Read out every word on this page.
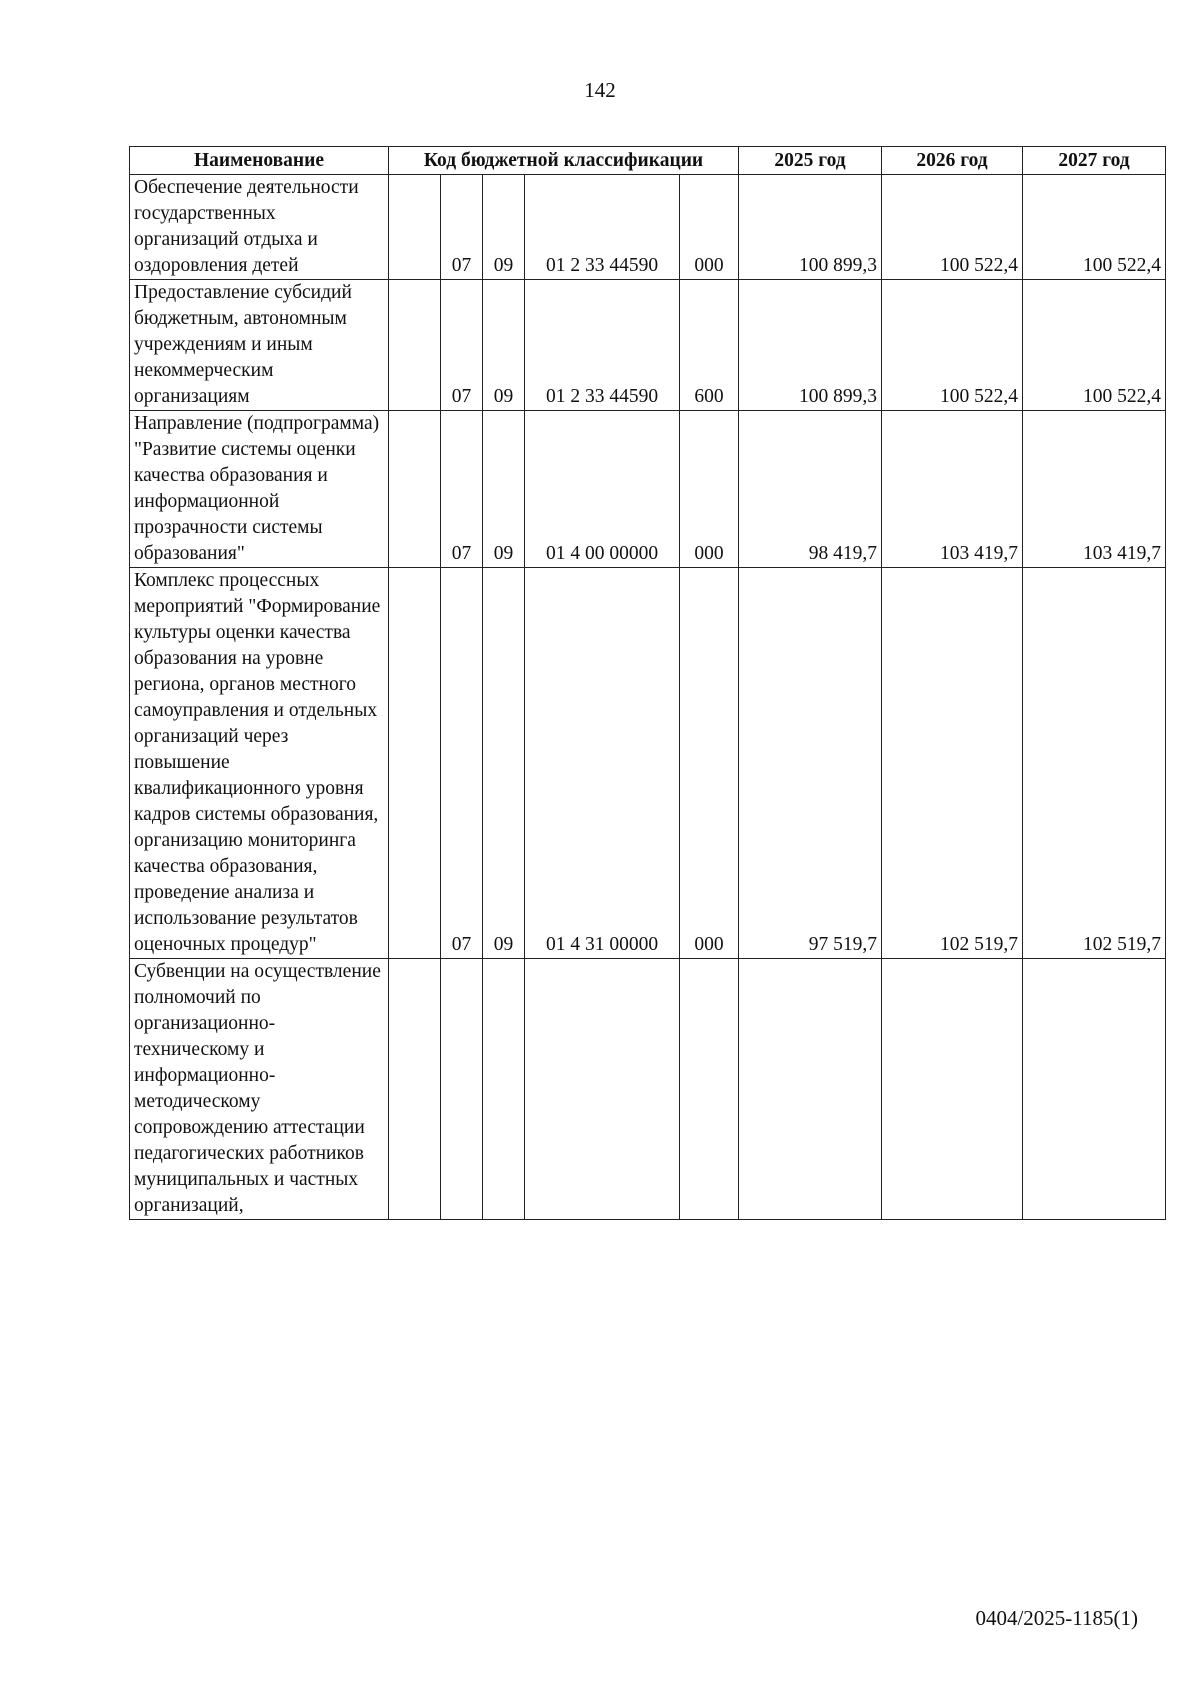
142
Наименование	Код бюджетной классификации					2025 год	2026 год	2027 год
Обеспечение деятельности государственных организаций отдыха и оздоровления детей		07	09	01 2 33 44590	000	100 899,3	100 522,4	100 522,4
Предоставление субсидий бюджетным, автономным учреждениям и иным некоммерческим организациям		07	09	01 2 33 44590	600	100 899,3	100 522,4	100 522,4
Направление (подпрограмма) "Развитие системы оценки качества образования и информационной прозрачности системы образования"		07	09	01 4 00 00000	000	98 419,7	103 419,7	103 419,7
Комплекс процессных мероприятий "Формирование культуры оценки качества образования на уровне региона, органов местного самоуправления и отдельных организаций через повышение квалификационного уровня кадров системы образования, организацию мониторинга качества образования, проведение анализа и использование результатов оценочных процедур"		07	09	01 4 31 00000	000	97 519,7	102 519,7	102 519,7
Субвенции на осуществление полномочий по организационно-техническому и информационно-методическому сопровождению аттестации педагогических работников муниципальных и частных организаций,								
0404/2025-1185(1)
